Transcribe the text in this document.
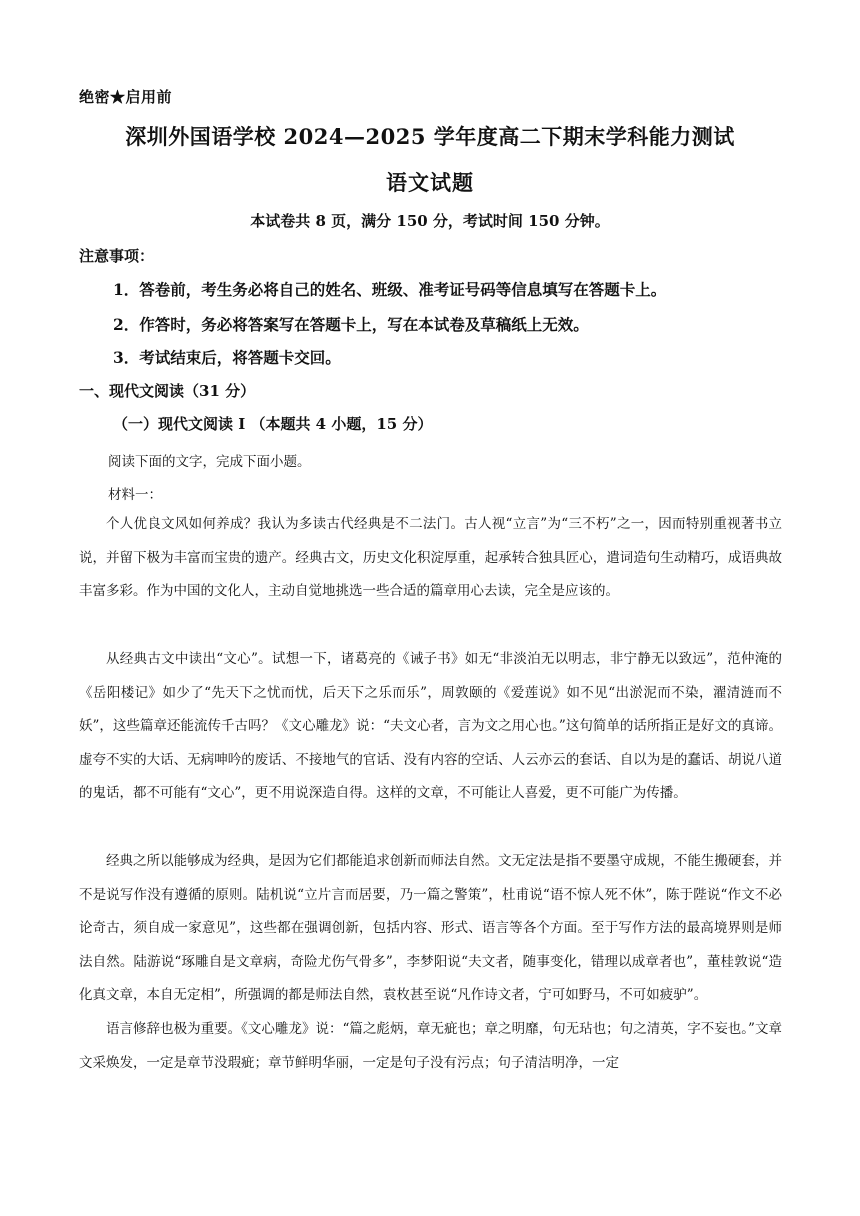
绝密★启用前
深圳外国语学校 2024—2025 学年度高二下期末学科能力测试
语文试题
本试卷共 8 页，满分 150 分，考试时间 150 分钟。
注意事项：
1．答卷前，考生务必将自己的姓名、班级、准考证号码等信息填写在答题卡上。
2．作答时，务必将答案写在答题卡上，写在本试卷及草稿纸上无效。
3．考试结束后，将答题卡交回。
一、现代文阅读（31 分）
（一）现代文阅读 I （本题共 4 小题，15 分）
阅读下面的文字，完成下面小题。
材料一：

个人优良文风如何养成？我认为多读古代经典是不二法门。古人视“立言”为“三不朽”之一，因而特别重视著书立说，并留下极为丰富而宝贵的遗产。经典古文，历史文化积淀厚重，起承转合独具匠心，遣词造句生动精巧，成语典故丰富多彩。作为中国的文化人，主动自觉地挑选一些合适的篇章用心去读，完全是应该的。

从经典古文中读出“文心”。试想一下，诸葛亮的《诫子书》如无“非淡泊无以明志，非宁静无以致远”，范仲淹的《岳阳楼记》如少了“先天下之忧而忧，后天下之乐而乐”，周敦颐的《爱莲说》如不见“出淤泥而不染，濯清涟而不妖”，这些篇章还能流传千古吗？《文心雕龙》说：“夫文心者，言为文之用心也。”这句简单的话所指正是好文的真谛。虚夸不实的大话、无病呻吟的废话、不接地气的官话、没有内容的空话、人云亦云的套话、自以为是的蠢话、胡说八道的鬼话，都不可能有“文心”，更不用说深造自得。这样的文章，不可能让人喜爱，更不可能广为传播。

经典之所以能够成为经典，是因为它们都能追求创新而师法自然。文无定法是指不要墨守成规，不能生搬硬套，并不是说写作没有遵循的原则。陆机说“立片言而居要，乃一篇之警策”，杜甫说“语不惊人死不休”，陈于陛说“作文不必论奇古，须自成一家意见”，这些都在强调创新，包括内容、形式、语言等各个方面。至于写作方法的最高境界则是师法自然。陆游说“琢雕自是文章病，奇险尤伤气骨多”，李梦阳说“夫文者，随事变化，错理以成章者也”，董桂敦说“造化真文章，本自无定相”，所强调的都是师法自然，袁枚甚至说“凡作诗文者，宁可如野马，不可如疲驴”。

语言修辞也极为重要。《文心雕龙》说：“篇之彪炳，章无疵也；章之明靡，句无玷也；句之清英，字不妄也。”文章文采焕发，一定是章节没瑕疵；章节鲜明华丽，一定是句子没有污点；句子清洁明净，一定
